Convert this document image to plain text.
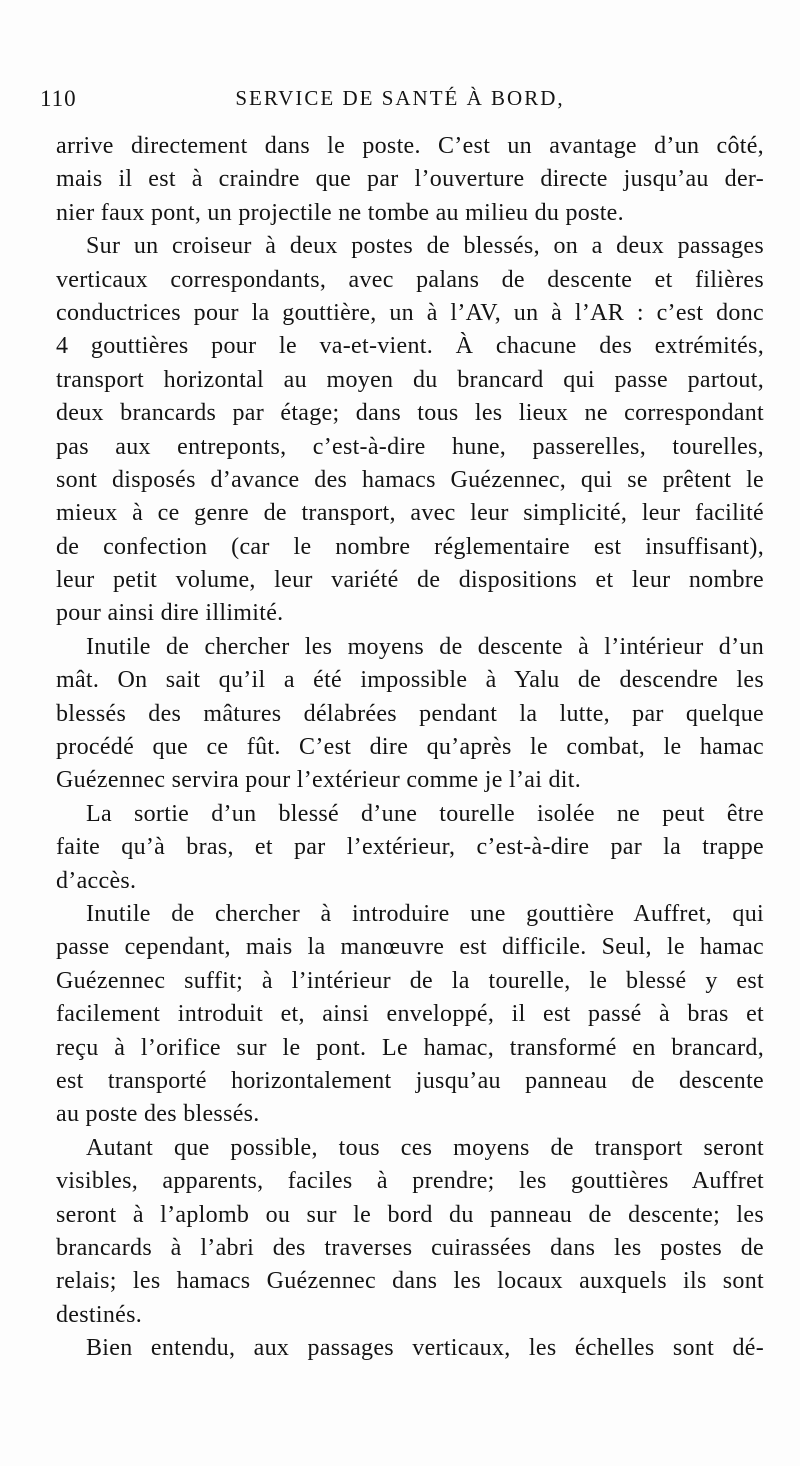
110	SERVICE DE SANTÉ À BORD,
arrive directement dans le poste. C’est un avantage d’un côté,
mais il est à craindre que par l’ouverture directe jusqu’au der-
nier faux pont, un projectile ne tombe au milieu du poste.
Sur un croiseur à deux postes de blessés, on a deux passages
verticaux correspondants, avec palans de descente et filières
conductrices pour la gouttière, un à l’AV, un à l’AR : c’est donc
4 gouttières pour le va-et-vient. À chacune des extrémités,
transport horizontal au moyen du brancard qui passe partout,
deux brancards par étage; dans tous les lieux ne correspondant
pas aux entreponts, c’est-à-dire hune, passerelles, tourelles,
sont disposés d’avance des hamacs Guézennec, qui se prêtent le
mieux à ce genre de transport, avec leur simplicité, leur facilité
de confection (car le nombre réglementaire est insuffisant),
leur petit volume, leur variété de dispositions et leur nombre
pour ainsi dire illimité.
Inutile de chercher les moyens de descente à l’intérieur d’un
mât. On sait qu’il a été impossible à Yalu de descendre les
blessés des mâtures délabrées pendant la lutte, par quelque
procédé que ce fût. C’est dire qu’après le combat, le hamac
Guézennec servira pour l’extérieur comme je l’ai dit.
La sortie d’un blessé d’une tourelle isolée ne peut être
faite qu’à bras, et par l’extérieur, c’est-à-dire par la trappe
d’accès.
Inutile de chercher à introduire une gouttière Auffret, qui
passe cependant, mais la manœuvre est difficile. Seul, le hamac
Guézennec suffit; à l’intérieur de la tourelle, le blessé y est
facilement introduit et, ainsi enveloppé, il est passé à bras et
reçu à l’orifice sur le pont. Le hamac, transformé en brancard,
est transporté horizontalement jusqu’au panneau de descente
au poste des blessés.
Autant que possible, tous ces moyens de transport seront
visibles, apparents, faciles à prendre; les gouttières Auffret
seront à l’aplomb ou sur le bord du panneau de descente; les
brancards à l’abri des traverses cuirassées dans les postes de
relais; les hamacs Guézennec dans les locaux auxquels ils sont
destinés.
Bien entendu, aux passages verticaux, les échelles sont dé-
